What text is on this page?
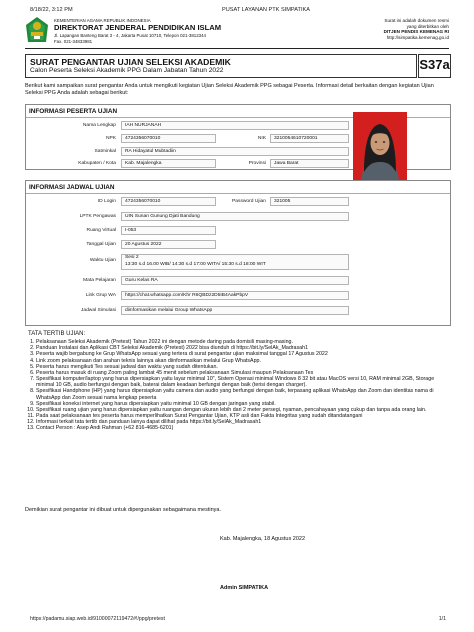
8/18/22, 3:12 PM	PUSAT LAYANAN PTK SIMPATIKA
KEMENTERIAN AGAMA REPUBLIK INDONESIA
DIREKTORAT JENDERAL PENDIDIKAN ISLAM
Jl. Lapangan Banteng Barat 3 - 4, Jakarta Pusat 10710, Telepon 021-3812344
Fax. 021-34833981
Surat ini adalah dokumen resmi
yang diterbitkan oleh
DITJEN PENDIS KEMENAG RI
http://simpatika.kemenag.go.id
SURAT PENGANTAR UJIAN SELEKSI AKADEMIK
Calon Peserta Seleksi Akademik PPG Dalam Jabatan Tahun 2022	S37a
Berikut kami sampaikan surat pengantar Anda untuk mengikuti kegiatan Ujian Seleksi Akademik PPG sebagai Peserta. Informasi detail berkaitan dengan kegiatan Ujian Seleksi PPG Anda adalah sebagai berikut:
INFORMASI PESERTA UJIAN
Nama Lengkap	IAH NURJANAH
NPK	4724356070010	NIK	3210054610720001
Satminkal	RA Hidayatul Mubtadiin
Kabupaten / Kota	Kab. Majalengka	Provinsi	Jawa Barat
INFORMASI JADWAL UJIAN
ID Login	4724356070010	Password Ujian	321005
LPTK Pengawas	UIN Sunan Gunung Djati Bandung
Ruang Virtual	I-053
Tanggal Ujian	20 Agustus 2022
Waktu Ujian
Sesi 2
13:30 s.d 16.00 WIB/ 14:30 s.d 17:00 WITA/ 15:30 s.d 18:00 WIT
Mata Pelajaran	Guru Kelas RA
Link Grup WA	https://chat.whatsapp.com/Khr R6QBDz2D5IB4AakPbpV
Jadwal Simulasi	diinformasikan melalui Group WhatsApp
TATA TERTIB UJIAN:
1. Pelaksanaan Seleksi Akademik (Pretest) Tahun 2022 ini dengan metode daring pada domisili masing-masing.
2. Panduan Instalasi dan Aplikasi CBT Seleksi Akademik (Pretest) 2022 bisa diunduh di https://bit.ly/SelAk_Madrasah1
3. Peserta wajib bergabung ke Grup WhatsApp sesuai yang tertera di surat pengantar ujian maksimal tanggal 17 Agustus 2022
4. Link zoom pelaksanaan dan arahan teknis lainnya akan diinformasikan melalui Grup WhatsApp.
5. Peserta harus mengikuti Tes sesuai jadwal dan waktu yang sudah ditentukan.
6. Peserta harus masuk di ruang Zoom paling lambat 45 menit sebelum pelaksanaan Simulasi maupun Pelaksanaan Tes
7. Spesifikasi komputer/laptop yang harus dipersiapkan yaitu layar minimal 10", Sistem Operasi minimal Windows 8 32 bit atau MacOS versi 10, RAM minimal 2GB, Storage minimal 10 GB, audio berfungsi dengan baik, baterai dalam keadaan berfungsi dengan baik (terisi dengan charger).
8. Spesifikasi Handphone (HP) yang harus dipersiapkan yaitu camera dan audio yang berfungsi dengan baik, terpasang aplikasi WhatsApp dan Zoom dan identitas nama di WhatsApp dan Zoom sesuai nama lengkap peserta
9. Spesifikasi koneksi internet yang harus dipersiapkan yaitu minimal 10 GB dengan jaringan yang stabil.
10. Spesifikasi ruang ujian yang harus dipersiapkan yaitu ruangan dengan ukuran lebih dari 2 meter persegi, nyaman, pencahayaan yang cukup dan tanpa ada orang lain.
11. Pada saat pelaksanaan tes peserta harus memperlihatkan Surat Pengantar Ujian, KTP asli dan Fakta Integritas yang sudah ditandatangani
12. Informasi terkait tata tertib dan panduan lainya dapat dilihat pada https://bit.ly/SelAk_Madrasah1
13. Contact Person : Asep Andi Rahman (+62 816-4685-6201)
Demikian surat pengantar ini dibuat untuk dipergunakan sebagaimana mestinya.
Kab. Majalengka, 18 Agustus 2022
Admin SIMPATIKA
https://padamu.siap.web.id/9100007211947​2#!/ppg/pretest	1/1
